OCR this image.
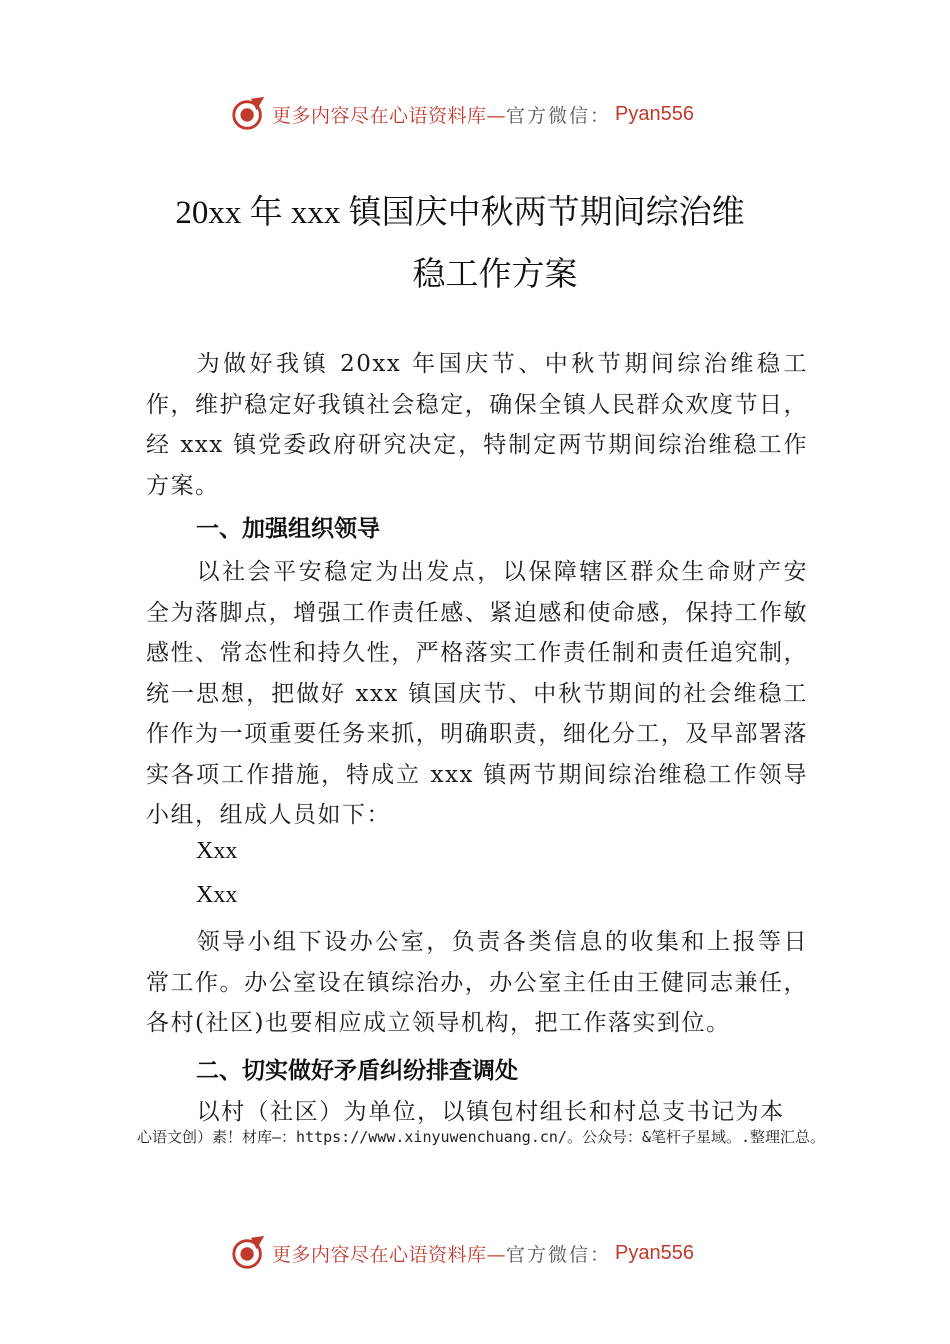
更多内容尽在心语资料库— 官方微信： Pyan556
20xx 年 xxx 镇国庆中秋两节期间综治维
稳工作方案
为做好我镇 20xx 年国庆节、中秋节期间综治维稳工作，维护稳定好我镇社会稳定，确保全镇人民群众欢度节日，经 xxx 镇党委政府研究决定，特制定两节期间综治维稳工作方案。
一、加强组织领导
以社会平安稳定为出发点，以保障辖区群众生命财产安全为落脚点，增强工作责任感、紧迫感和使命感，保持工作敏感性、常态性和持久性，严格落实工作责任制和责任追究制，统一思想，把做好 xxx 镇国庆节、中秋节期间的社会维稳工作作为一项重要任务来抓，明确职责，细化分工，及早部署落实各项工作措施，特成立 xxx 镇两节期间综治维稳工作领导小组，组成人员如下：
Xxx
Xxx
领导小组下设办公室，负责各类信息的收集和上报等日常工作。办公室设在镇综治办，办公室主任由王健同志兼任，各村(社区)也要相应成立领导机构，把工作落实到位。
二、切实做好矛盾纠纷排查调处
以村（社区）为单位，以镇包村组长和村总支书记为本
心语文创）素！材库—：https://www.xinyuwenchuang.cn/。公众号：&笔杆子星域。.整理汇总。
更多内容尽在心语资料库— 官方微信： Pyan556
